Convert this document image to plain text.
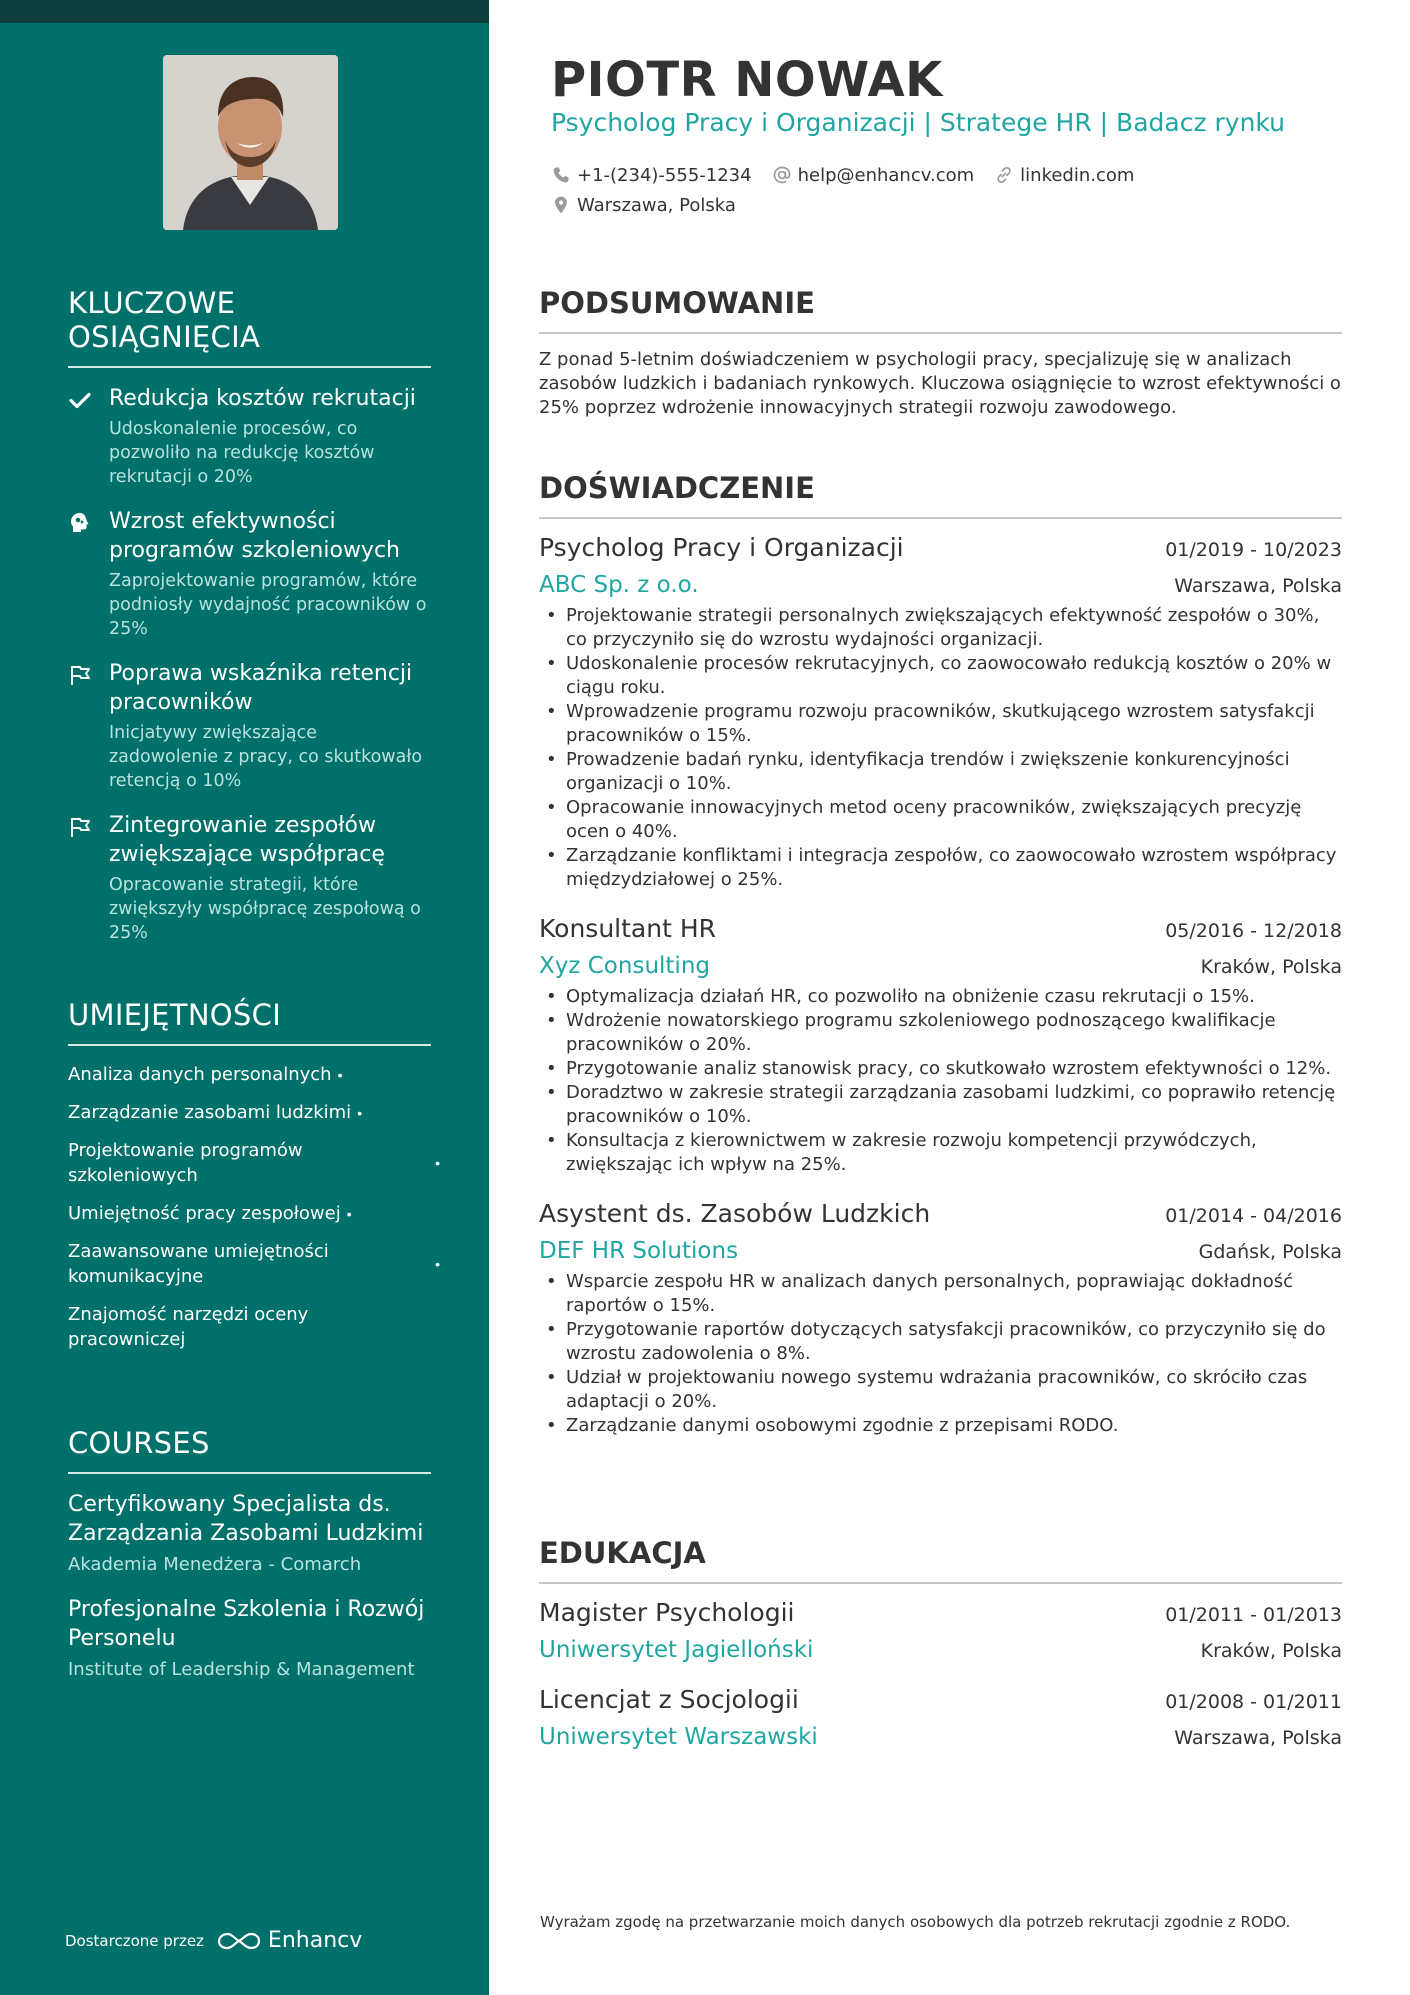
KLUCZOWE OSIĄGNIĘCIA
Redukcja kosztów rekrutacji
Udoskonalenie procesów, co pozwoliło na redukcję kosztów rekrutacji o 20%
Wzrost efektywności programów szkoleniowych
Zaprojektowanie programów, które podniosły wydajność pracowników o 25%
Poprawa wskaźnika retencji pracowników
Inicjatywy zwiększające zadowolenie z pracy, co skutkowało retencją o 10%
Zintegrowanie zespołów zwiększające współpracę
Opracowanie strategii, które zwiększyły współpracę zespołową o 25%
UMIEJĘTNOŚCI
Analiza danych personalnych •
Zarządzanie zasobami ludzkimi •
Projektowanie programów szkoleniowych
•
Umiejętność pracy zespołowej •
Zaawansowane umiejętności komunikacyjne
•
Znajomość narzędzi oceny pracowniczej
COURSES
Certyfikowany Specjalista ds. Zarządzania Zasobami Ludzkimi
Akademia Menedżera - Comarch
Profesjonalne Szkolenia i Rozwój Personelu
Institute of Leadership & Management
Dostarczone przez	Enhancv
PIOTR NOWAK
Psycholog Pracy i Organizacji | Stratege HR | Badacz rynku
+1-(234)-555-1234	help@enhancv.com	linkedin.com
Warszawa, Polska
PODSUMOWANIE

Z ponad 5-letnim doświadczeniem w psychologii pracy, specjalizuję się w analizach zasobów ludzkich i badaniach rynkowych. Kluczowa osiągnięcie to wzrost efektywności o 25% poprzez wdrożenie innowacyjnych strategii rozwoju zawodowego.

DOŚWIADCZENIE
Psycholog Pracy i Organizacji	01/2019 - 10/2023
ABC Sp. z o.o.	Warszawa, Polska
• Projektowanie strategii personalnych zwiększających efektywność zespołów o 30%, co przyczyniło się do wzrostu wydajności organizacji.
• Udoskonalenie procesów rekrutacyjnych, co zaowocowało redukcją kosztów o 20% w ciągu roku.
• Wprowadzenie programu rozwoju pracowników, skutkującego wzrostem satysfakcji pracowników o 15%.
• Prowadzenie badań rynku, identyfikacja trendów i zwiększenie konkurencyjności organizacji o 10%.
• Opracowanie innowacyjnych metod oceny pracowników, zwiększających precyzję ocen o 40%.
• Zarządzanie konfliktami i integracja zespołów, co zaowocowało wzrostem współpracy międzydziałowej o 25%.
Konsultant HR	05/2016 - 12/2018
Xyz Consulting	Kraków, Polska
• Optymalizacja działań HR, co pozwoliło na obniżenie czasu rekrutacji o 15%.
• Wdrożenie nowatorskiego programu szkoleniowego podnoszącego kwalifikacje pracowników o 20%.
• Przygotowanie analiz stanowisk pracy, co skutkowało wzrostem efektywności o 12%.
• Doradztwo w zakresie strategii zarządzania zasobami ludzkimi, co poprawiło retencję pracowników o 10%.
• Konsultacja z kierownictwem w zakresie rozwoju kompetencji przywódczych, zwiększając ich wpływ na 25%.
Asystent ds. Zasobów Ludzkich	01/2014 - 04/2016
DEF HR Solutions	Gdańsk, Polska
• Wsparcie zespołu HR w analizach danych personalnych, poprawiając dokładność raportów o 15%.
• Przygotowanie raportów dotyczących satysfakcji pracowników, co przyczyniło się do wzrostu zadowolenia o 8%.
• Udział w projektowaniu nowego systemu wdrażania pracowników, co skróciło czas adaptacji o 20%.
• Zarządzanie danymi osobowymi zgodnie z przepisami RODO.
EDUKACJA
Magister Psychologii	01/2011 - 01/2013
Uniwersytet Jagielloński	Kraków, Polska
Licencjat z Socjologii	01/2008 - 01/2011
Uniwersytet Warszawski	Warszawa, Polska

Wyrażam zgodę na przetwarzanie moich danych osobowych dla potrzeb rekrutacji zgodnie z RODO.
